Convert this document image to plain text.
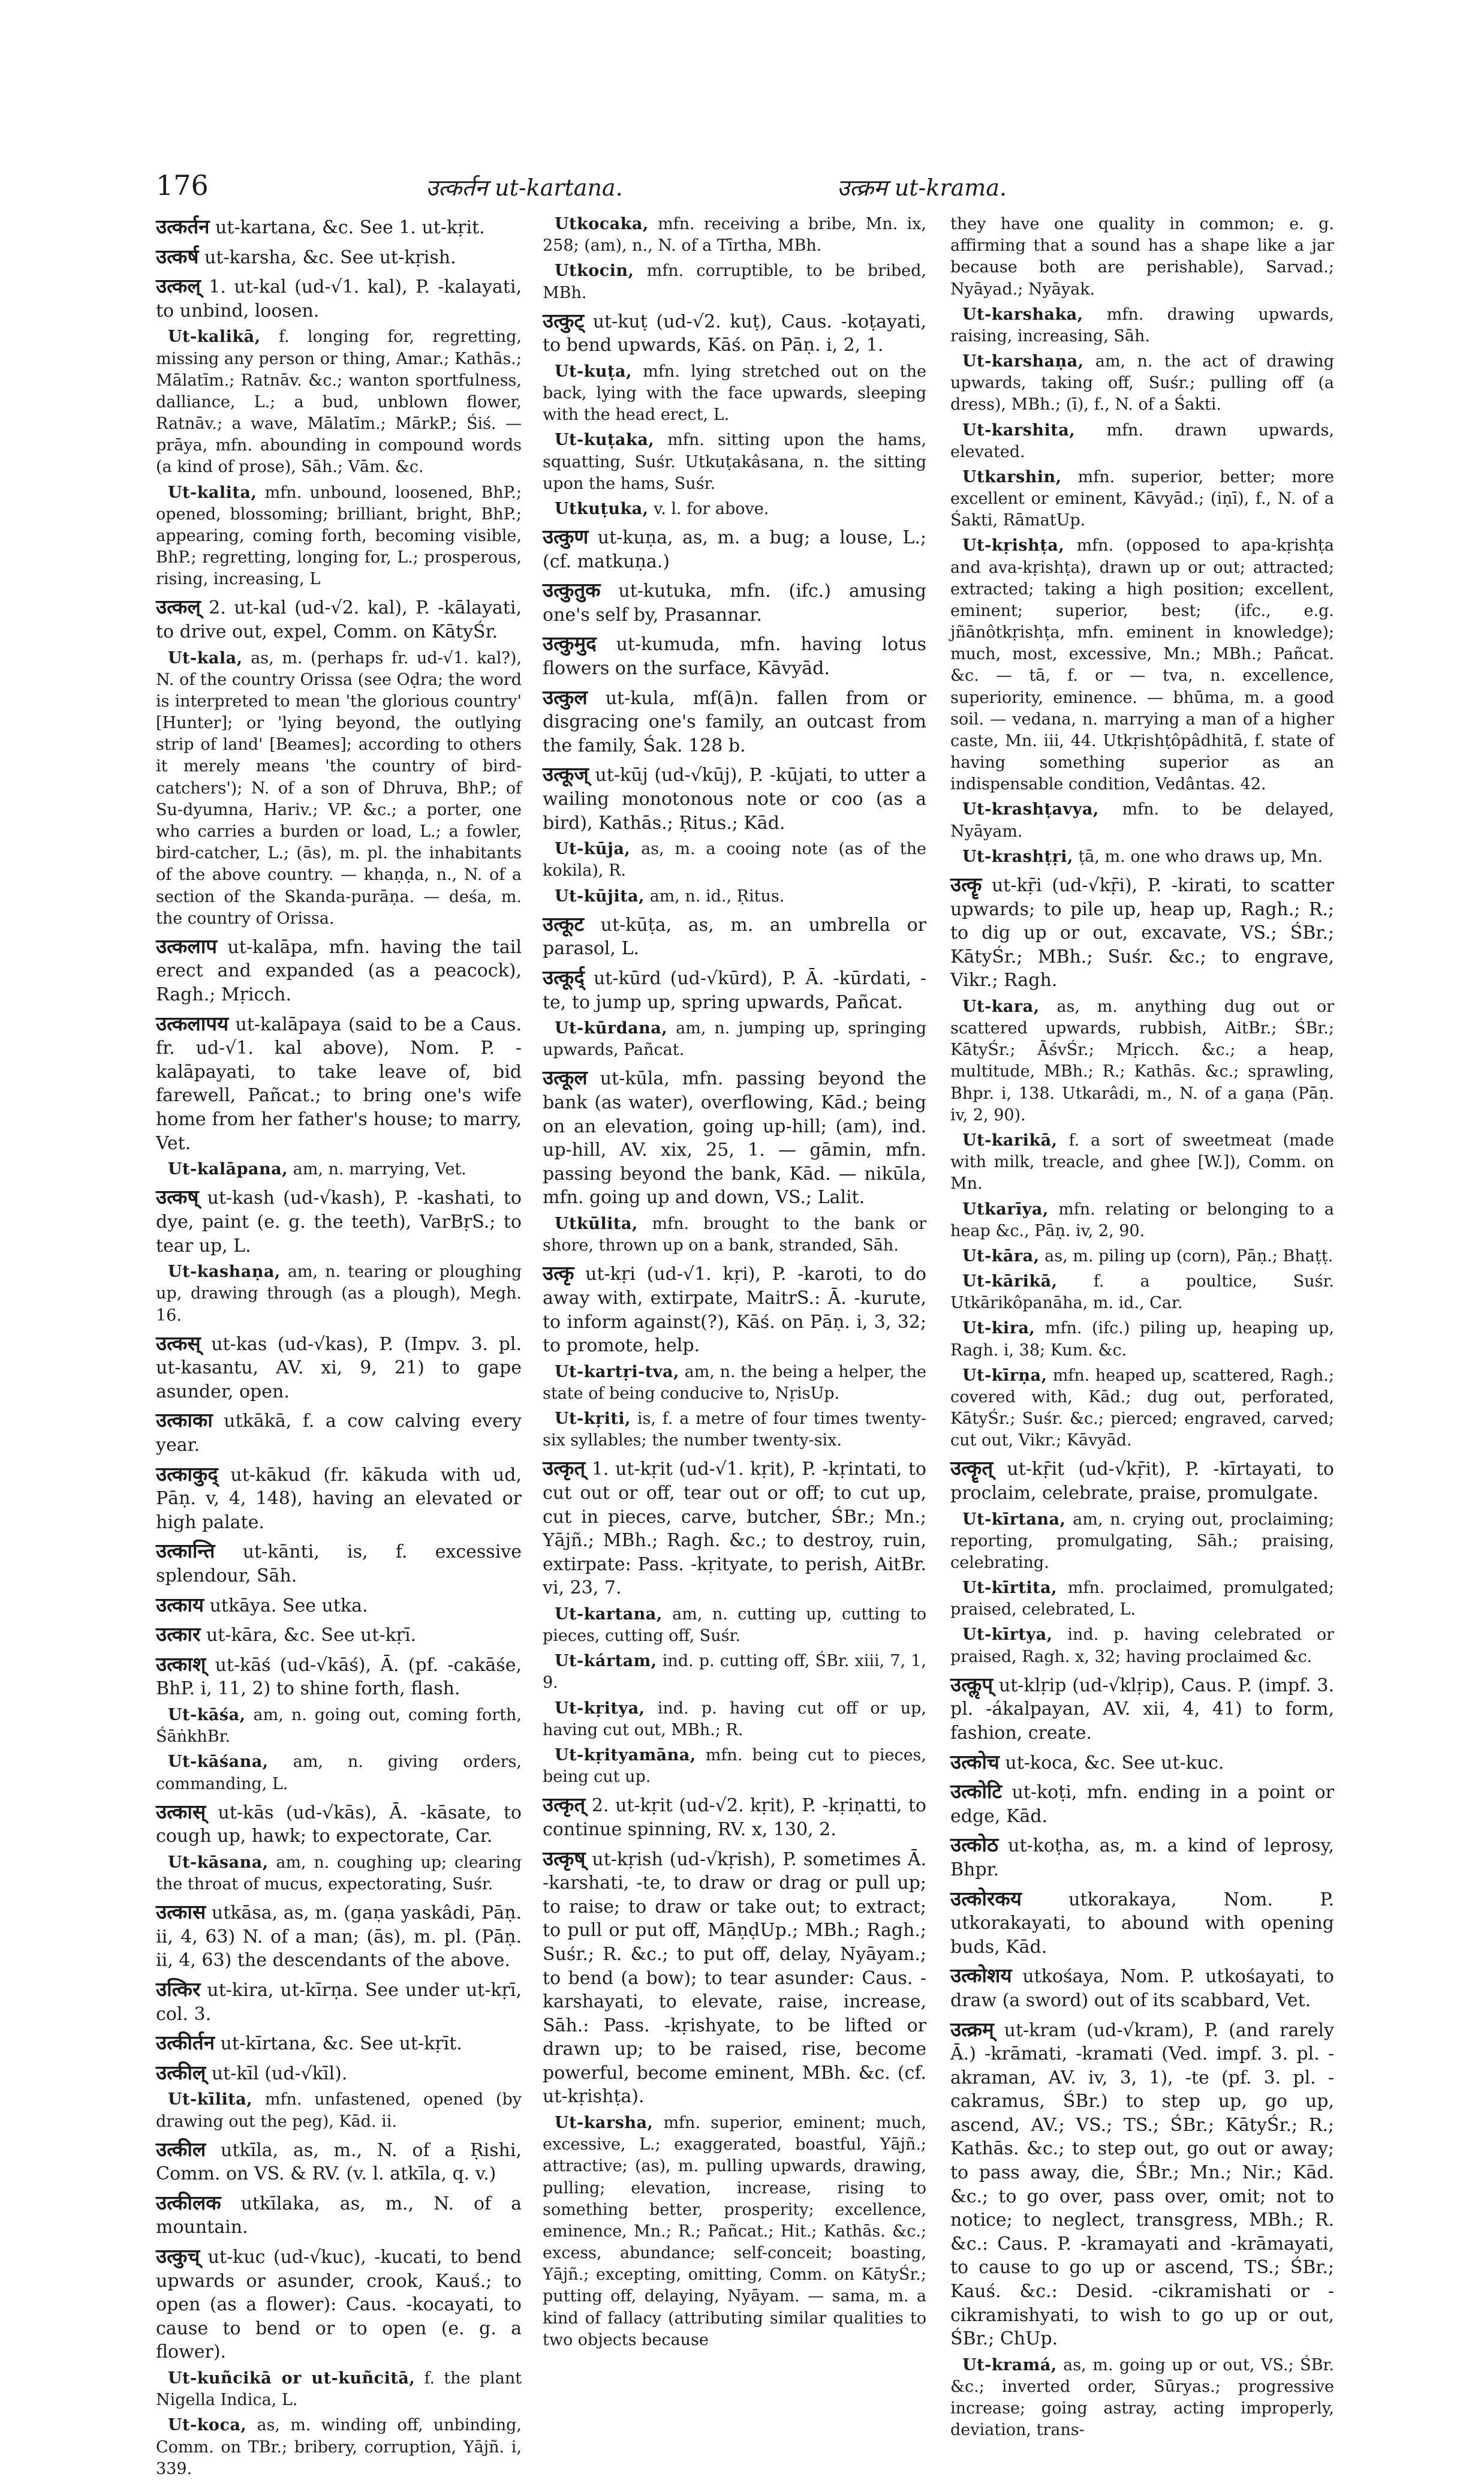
176	उत्कर्तन ut-kartana.	उत्क्रम ut-krama.

उत्कर्तन ut-kartana, &c. See 1. ut-kṛit.

उत्कर्ष ut-karsha, &c. See ut-kṛish.

उत्कल् 1. ut-kal (ud-√1. kal), P. -kalayati, to unbind, loosen.

Ut-kalikā, f. longing for, regretting, missing any person or thing, Amar.; Kathās.; Mālatīm.; Ratnāv. &c.; wanton sportfulness, dalliance, L.; a bud, unblown flower, Ratnāv.; a wave, Mālatīm.; MārkP.; Śiś. — prāya, mfn. abounding in compound words (a kind of prose), Sāh.; Vām. &c.

Ut-kalita, mfn. unbound, loosened, BhP.; opened, blossoming; brilliant, bright, BhP.; appearing, coming forth, becoming visible, BhP.; regretting, longing for, L.; prosperous, rising, increasing, L

उत्कल् 2. ut-kal (ud-√2. kal), P. -kālayati, to drive out, expel, Comm. on KātyŚr.

Ut-kala, as, m. (perhaps fr. ud-√1. kal?), N. of the country Orissa (see Oḍra; the word is interpreted to mean 'the glorious country' [Hunter]; or 'lying beyond, the outlying strip of land' [Beames]; according to others it merely means 'the country of bird-catchers'); N. of a son of Dhruva, BhP.; of Su-dyumna, Hariv.; VP. &c.; a porter, one who carries a burden or load, L.; a fowler, bird-catcher, L.; (ās), m. pl. the inhabitants of the above country. — khaṇḍa, n., N. of a section of the Skanda-purāṇa. — deśa, m. the country of Orissa.

उत्कलाप ut-kalāpa, mfn. having the tail erect and expanded (as a peacock), Ragh.; Mṛicch.

उत्कलापय ut-kalāpaya (said to be a Caus. fr. ud-√1. kal above), Nom. P. -kalāpayati, to take leave of, bid farewell, Pañcat.; to bring one's wife home from her father's house; to marry, Vet.

Ut-kalāpana, am, n. marrying, Vet.

उत्कष् ut-kash (ud-√kash), P. -kashati, to dye, paint (e. g. the teeth), VarBṛS.; to tear up, L.

Ut-kashaṇa, am, n. tearing or ploughing up, drawing through (as a plough), Megh. 16.

उत्कस् ut-kas (ud-√kas), P. (Impv. 3. pl. ut-kasantu, AV. xi, 9, 21) to gape asunder, open.

उत्काका utkākā, f. a cow calving every year.

उत्काकुद् ut-kākud (fr. kākuda with ud, Pāṇ. v, 4, 148), having an elevated or high palate.

उत्कान्ति ut-kānti, is, f. excessive splendour, Sāh.

उत्काय utkāya. See utka.

उत्कार ut-kāra, &c. See ut-kṛī.

उत्काश् ut-kāś (ud-√kāś), Ā. (pf. -cakāśe, BhP. i, 11, 2) to shine forth, flash.

Ut-kāśa, am, n. going out, coming forth, ŚāṅkhBr.

Ut-kāśana, am, n. giving orders, commanding, L.

उत्कास् ut-kās (ud-√kās), Ā. -kāsate, to cough up, hawk; to expectorate, Car.

Ut-kāsana, am, n. coughing up; clearing the throat of mucus, expectorating, Suśr.

उत्कास utkāsa, as, m. (gaṇa yaskâdi, Pāṇ. ii, 4, 63) N. of a man; (ās), m. pl. (Pāṇ. ii, 4, 63) the descendants of the above.

उत्किर ut-kira, ut-kīrṇa. See under ut-kṛī, col. 3.

उत्कीर्तन ut-kīrtana, &c. See ut-kṛīt.

उत्कील् ut-kīl (ud-√kīl).

Ut-kīlita, mfn. unfastened, opened (by drawing out the peg), Kād. ii.

उत्कील utkīla, as, m., N. of a Ṛishi, Comm. on VS. & RV. (v. l. atkīla, q. v.)

उत्कीलक utkīlaka, as, m., N. of a mountain.

उत्कुच् ut-kuc (ud-√kuc), -kucati, to bend upwards or asunder, crook, Kauś.; to open (as a flower): Caus. -kocayati, to cause to bend or to open (e. g. a flower).

Ut-kuñcikā or ut-kuñcitā, f. the plant Nigella Indica, L.

Ut-koca, as, m. winding off, unbinding, Comm. on TBr.; bribery, corruption, Yājñ. i, 339.

Utkocaka, mfn. receiving a bribe, Mn. ix, 258; (am), n., N. of a Tīrtha, MBh.

Utkocin, mfn. corruptible, to be bribed, MBh.

उत्कुट् ut-kuṭ (ud-√2. kuṭ), Caus. -koṭayati, to bend upwards, Kāś. on Pāṇ. i, 2, 1.

Ut-kuṭa, mfn. lying stretched out on the back, lying with the face upwards, sleeping with the head erect, L.

Ut-kuṭaka, mfn. sitting upon the hams, squatting, Suśr. Utkuṭakâsana, n. the sitting upon the hams, Suśr.

Utkuṭuka, v. l. for above.

उत्कुण ut-kuṇa, as, m. a bug; a louse, L.; (cf. matkuṇa.)

उत्कुतुक ut-kutuka, mfn. (ifc.) amusing one's self by, Prasannar.

उत्कुमुद ut-kumuda, mfn. having lotus flowers on the surface, Kāvyād.

उत्कुल ut-kula, mf(ā)n. fallen from or disgracing one's family, an outcast from the family, Śak. 128 b.

उत्कूज् ut-kūj (ud-√kūj), P. -kūjati, to utter a wailing monotonous note or coo (as a bird), Kathās.; Ṛitus.; Kād.

Ut-kūja, as, m. a cooing note (as of the kokila), R.

Ut-kūjita, am, n. id., Ṛitus.

उत्कूट ut-kūṭa, as, m. an umbrella or parasol, L.

उत्कूर्द् ut-kūrd (ud-√kūrd), P. Ā. -kūrdati, -te, to jump up, spring upwards, Pañcat.

Ut-kūrdana, am, n. jumping up, springing upwards, Pañcat.

उत्कूल ut-kūla, mfn. passing beyond the bank (as water), overflowing, Kād.; being on an elevation, going up-hill; (am), ind. up-hill, AV. xix, 25, 1. — gāmin, mfn. passing beyond the bank, Kād. — nikūla, mfn. going up and down, VS.; Lalit.

Utkūlita, mfn. brought to the bank or shore, thrown up on a bank, stranded, Sāh.

उत्कृ ut-kṛi (ud-√1. kṛi), P. -karoti, to do away with, extirpate, MaitrS.: Ā. -kurute, to inform against(?), Kāś. on Pāṇ. i, 3, 32; to promote, help.

Ut-kartṛi-tva, am, n. the being a helper, the state of being conducive to, NṛisUp.

Ut-kṛiti, is, f. a metre of four times twenty-six syllables; the number twenty-six.

उत्कृत् 1. ut-kṛit (ud-√1. kṛit), P. -kṛintati, to cut out or off, tear out or off; to cut up, cut in pieces, carve, butcher, ŚBr.; Mn.; Yājñ.; MBh.; Ragh. &c.; to destroy, ruin, extirpate: Pass. -kṛityate, to perish, AitBr. vi, 23, 7.

Ut-kartana, am, n. cutting up, cutting to pieces, cutting off, Suśr.

Ut-kártam, ind. p. cutting off, ŚBr. xiii, 7, 1, 9.

Ut-kṛitya, ind. p. having cut off or up, having cut out, MBh.; R.

Ut-kṛityamāna, mfn. being cut to pieces, being cut up.

उत्कृत् 2. ut-kṛit (ud-√2. kṛit), P. -kṛiṇatti, to continue spinning, RV. x, 130, 2.

उत्कृष् ut-kṛish (ud-√kṛish), P. sometimes Ā. -karshati, -te, to draw or drag or pull up; to raise; to draw or take out; to extract; to pull or put off, MāṇḍUp.; MBh.; Ragh.; Suśr.; R. &c.; to put off, delay, Nyāyam.; to bend (a bow); to tear asunder: Caus. -karshayati, to elevate, raise, increase, Sāh.: Pass. -kṛishyate, to be lifted or drawn up; to be raised, rise, become powerful, become eminent, MBh. &c. (cf. ut-kṛishṭa).

Ut-karsha, mfn. superior, eminent; much, excessive, L.; exaggerated, boastful, Yājñ.; attractive; (as), m. pulling upwards, drawing, pulling; elevation, increase, rising to something better, prosperity; excellence, eminence, Mn.; R.; Pañcat.; Hit.; Kathās. &c.; excess, abundance; self-conceit; boasting, Yājñ.; excepting, omitting, Comm. on KātyŚr.; putting off, delaying, Nyāyam. — sama, m. a kind of fallacy (attributing similar qualities to two objects because

they have one quality in common; e. g. affirming that a sound has a shape like a jar because both are perishable), Sarvad.; Nyāyad.; Nyāyak.

Ut-karshaka, mfn. drawing upwards, raising, increasing, Sāh.

Ut-karshaṇa, am, n. the act of drawing upwards, taking off, Suśr.; pulling off (a dress), MBh.; (ī), f., N. of a Śakti.

Ut-karshita, mfn. drawn upwards, elevated.

Utkarshin, mfn. superior, better; more excellent or eminent, Kāvyād.; (iṇī), f., N. of a Śakti, RāmatUp.

Ut-kṛishṭa, mfn. (opposed to apa-kṛishṭa and ava-kṛishṭa), drawn up or out; attracted; extracted; taking a high position; excellent, eminent; superior, best; (ifc., e.g. jñānôtkṛishṭa, mfn. eminent in knowledge); much, most, excessive, Mn.; MBh.; Pañcat. &c. — tā, f. or — tva, n. excellence, superiority, eminence. — bhūma, m. a good soil. — vedana, n. marrying a man of a higher caste, Mn. iii, 44. Utkṛishṭôpâdhitā, f. state of having something superior as an indispensable condition, Vedântas. 42.

Ut-krashṭavya, mfn. to be delayed, Nyāyam.

Ut-krashṭṛi, ṭā, m. one who draws up, Mn.

उत्कॄ ut-kṝi (ud-√kṝi), P. -kirati, to scatter upwards; to pile up, heap up, Ragh.; R.; to dig up or out, excavate, VS.; ŚBr.; KātyŚr.; MBh.; Suśr. &c.; to engrave, Vikr.; Ragh.

Ut-kara, as, m. anything dug out or scattered upwards, rubbish, AitBr.; ŚBr.; KātyŚr.; ĀśvŚr.; Mṛicch. &c.; a heap, multitude, MBh.; R.; Kathās. &c.; sprawling, Bhpr. i, 138. Utkarâdi, m., N. of a gaṇa (Pāṇ. iv, 2, 90).

Ut-karikā, f. a sort of sweetmeat (made with milk, treacle, and ghee [W.]), Comm. on Mn.

Utkarīya, mfn. relating or belonging to a heap &c., Pāṇ. iv, 2, 90.

Ut-kāra, as, m. piling up (corn), Pāṇ.; Bhaṭṭ.

Ut-kārikā, f. a poultice, Suśr. Utkārikôpanāha, m. id., Car.

Ut-kira, mfn. (ifc.) piling up, heaping up, Ragh. i, 38; Kum. &c.

Ut-kīrṇa, mfn. heaped up, scattered, Ragh.; covered with, Kād.; dug out, perforated, KātyŚr.; Suśr. &c.; pierced; engraved, carved; cut out, Vikr.; Kāvyād.

उत्कॄत् ut-kṝit (ud-√kṝit), P. -kīrtayati, to proclaim, celebrate, praise, promulgate.

Ut-kīrtana, am, n. crying out, proclaiming; reporting, promulgating, Sāh.; praising, celebrating.

Ut-kīrtita, mfn. proclaimed, promulgated; praised, celebrated, L.

Ut-kīrtya, ind. p. having celebrated or praised, Ragh. x, 32; having proclaimed &c.

उत्कॢप् ut-klṛip (ud-√klṛip), Caus. P. (impf. 3. pl. -ákalpayan, AV. xii, 4, 41) to form, fashion, create.

उत्कोच ut-koca, &c. See ut-kuc.

उत्कोटि ut-koṭi, mfn. ending in a point or edge, Kād.

उत्कोठ ut-koṭha, as, m. a kind of leprosy, Bhpr.

उत्कोरकय	utkorakaya, Nom. P. utkorakayati, to abound with opening buds, Kād.

उत्कोशय utkośaya, Nom. P. utkośayati, to draw (a sword) out of its scabbard, Vet.

उत्क्रम् ut-kram (ud-√kram), P. (and rarely Ā.) -krāmati, -kramati (Ved. impf. 3. pl. -akraman, AV. iv, 3, 1), -te (pf. 3. pl. -cakramus, ŚBr.) to step up, go up, ascend, AV.; VS.; TS.; ŚBr.; KātyŚr.; R.; Kathās. &c.; to step out, go out or away; to pass away, die, ŚBr.; Mn.; Nir.; Kād. &c.; to go over, pass over, omit; not to notice; to neglect, transgress, MBh.; R. &c.: Caus. P. -kramayati and -krāmayati, to cause to go up or ascend, TS.; ŚBr.; Kauś. &c.: Desid. -cikramishati or -cikramishyati, to wish to go up or out, ŚBr.; ChUp.

Ut-kramá, as, m. going up or out, VS.; ŚBr. &c.; inverted order, Sūryas.; progressive increase; going astray, acting improperly, deviation, trans-
